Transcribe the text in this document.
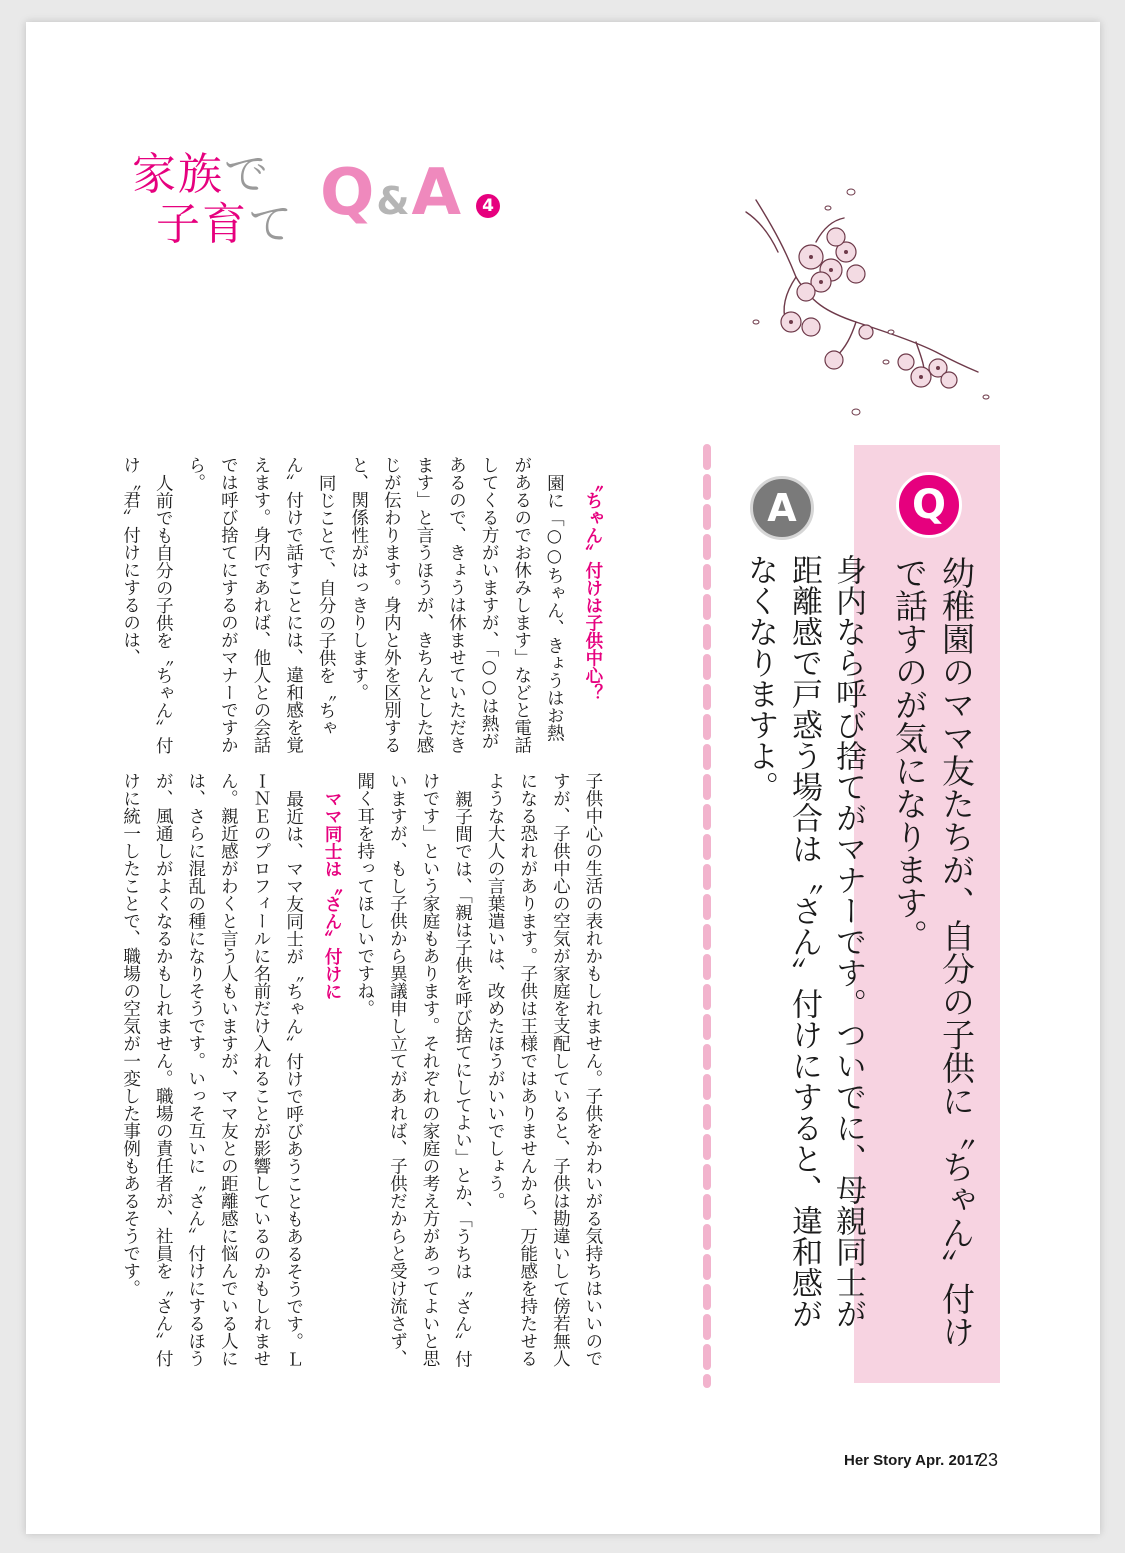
家族で
子育て Q&A	4
Q
幼稚園のママ友たちが、自分の子供に〝ちゃん〟付けで話すのが気になります。
A
身内なら呼び捨てがマナーです。ついでに、母親同士が距離感で戸惑う場合は〝さん〟付けにすると、違和感がなくなりますよ。

〝ちゃん〟付けは子供中心？

園に「○○ちゃん、きょうはお熱があるのでお休みします」などと電話してくる方がいますが、「○○は熱があるので、きょうは休ませていただきます」と言うほうが、きちんとした感じが伝わります。身内と外を区別すると、関係性がはっきりします。

同じことで、自分の子供を〝ちゃん〟付けで話すことには、違和感を覚えます。身内であれば、他人との会話では呼び捨てにするのがマナーですから。

人前でも自分の子供を〝ちゃん〟付け〝君〟付けにするのは、

子供中心の生活の表れかもしれません。子供をかわいがる気持ちはいいのですが、子供中心の空気が家庭を支配していると、子供は勘違いして傍若無人になる恐れがあります。子供は王様ではありませんから、万能感を持たせるような大人の言葉遣いは、改めたほうがいいでしょう。

親子間では、「親は子供を呼び捨てにしてよい」とか、「うちは〝さん〟付けです」という家庭もあります。それぞれの家庭の考え方があってよいと思いますが、もし子供から異議申し立てがあれば、子供だからと受け流さず、聞く耳を持ってほしいですね。

ママ同士は〝さん〟付けに

最近は、ママ友同士が〝ちゃん〟付けで呼びあうこともあるそうです。ＬＩＮＥのプロフィールに名前だけ入れることが影響しているのかもしれません。親近感がわくと言う人もいますが、ママ友との距離感に悩んでいる人には、さらに混乱の種になりそうです。いっそ互いに〝さん〟付けにするほうが、風通しがよくなるかもしれません。職場の責任者が、社員を〝さん〟付けに統一したことで、職場の空気が一変した事例もあるそうです。

Her Story Apr. 2017
23
